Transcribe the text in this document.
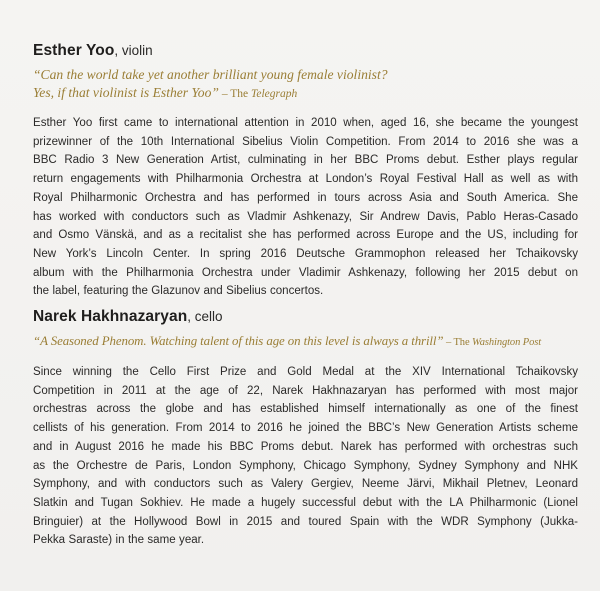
Esther Yoo, violin

“Can the world take yet another brilliant young female violinist?
Yes, if that violinist is Esther Yoo” – The Telegraph

Esther Yoo first came to international attention in 2010 when, aged 16, she became the youngest
prizewinner of the 10th International Sibelius Violin Competition. From 2014 to 2016 she was a
BBC Radio 3 New Generation Artist, culminating in her BBC Proms debut. Esther plays regular
return engagements with Philharmonia Orchestra at London’s Royal Festival Hall as well as with
Royal Philharmonic Orchestra and has performed in tours across Asia and South America. She
has worked with conductors such as Vladmir Ashkenazy, Sir Andrew Davis, Pablo Heras-Casado
and Osmo Vänskä, and as a recitalist she has performed across Europe and the US, including for
New York’s Lincoln Center. In spring 2016 Deutsche Grammophon released her Tchaikovsky
album with the Philharmonia Orchestra under Vladimir Ashkenazy, following her 2015 debut on
the label, featuring the Glazunov and Sibelius concertos.

Narek Hakhnazaryan, cello

“A Seasoned Phenom. Watching talent of this age on this level is always a thrill” – The Washington Post

Since winning the Cello First Prize and Gold Medal at the XIV International Tchaikovsky
Competition in 2011 at the age of 22, Narek Hakhnazaryan has performed with most major
orchestras across the globe and has established himself internationally as one of the finest
cellists of his generation. From 2014 to 2016 he joined the BBC’s New Generation Artists scheme
and in August 2016 he made his BBC Proms debut. Narek has performed with orchestras such
as the Orchestre de Paris, London Symphony, Chicago Symphony, Sydney Symphony and NHK
Symphony, and with conductors such as Valery Gergiev, Neeme Järvi, Mikhail Pletnev, Leonard
Slatkin and Tugan Sokhiev. He made a hugely successful debut with the LA Philharmonic (Lionel
Bringuier) at the Hollywood Bowl in 2015 and toured Spain with the WDR Symphony (Jukka-
Pekka Saraste) in the same year.
